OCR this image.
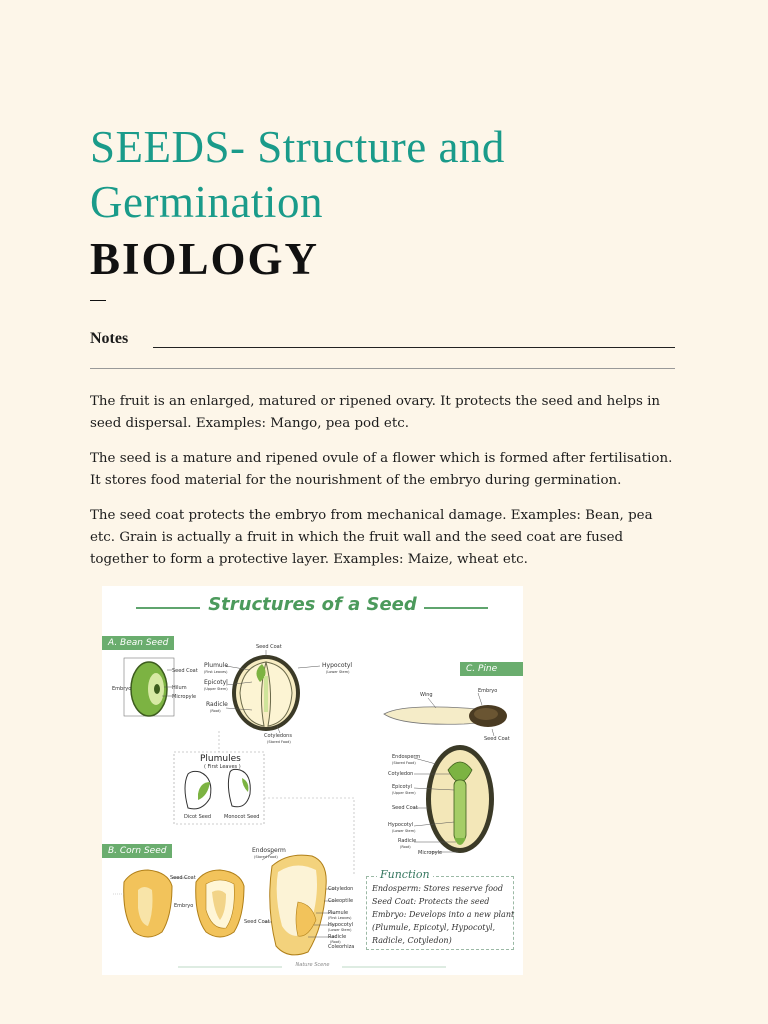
SEEDS- Structure and Germination
BIOLOGY
Notes

The fruit is an enlarged, matured or ripened ovary. It protects the seed and helps in seed dispersal. Examples: Mango, pea pod etc.

The seed is a mature and ripened ovule of a flower which is formed after fertilisation. It stores food material for the nourishment of the embryo during germination.

The seed coat protects the embryo from mechanical damage. Examples: Bean, pea etc. Grain is actually a fruit in which the fruit wall and the seed coat are fused together to form a protective layer. Examples: Maize, wheat etc.

Structures of a Seed
A. Bean Seed
C. Pine Seed
B. Corn Seed
Seed Coat
Hilum
Micropyle
Embryo
Seed Coat
Plumule
(First Leaves)
Epicotyl
(Upper Stem)
Radicle
(Root)
Hypocotyl
(Lower Stem)
Cotyledons
(Stored Food)
Plumules
( First Leaves )
Dicot Seed	Monocot Seed
Wing
Embryo
Seed Coat
Endosperm
(Stored Food)
Cotyledon
Epicotyl
(Upper Stem)
Seed Coat
Hypocotyl
(Lower Stem)
Radicle
(Root)
Micropyle
Seed Coat
Embryo
Endosperm
(Stored Food)
Seed Coat
Cotyledon
Coleoptile
Plumule
(First Leaves)
Hypocotyl
(Lower Stem)
Radicle
(Root)
Coleorhiza
Function
Endosperm: Stores reserve food
Seed Coat: Protects the seed
Embryo: Develops into a new plant
(Plumule, Epicotyl, Hypocotyl,
Radicle, Cotyledon)
Nature Scene
